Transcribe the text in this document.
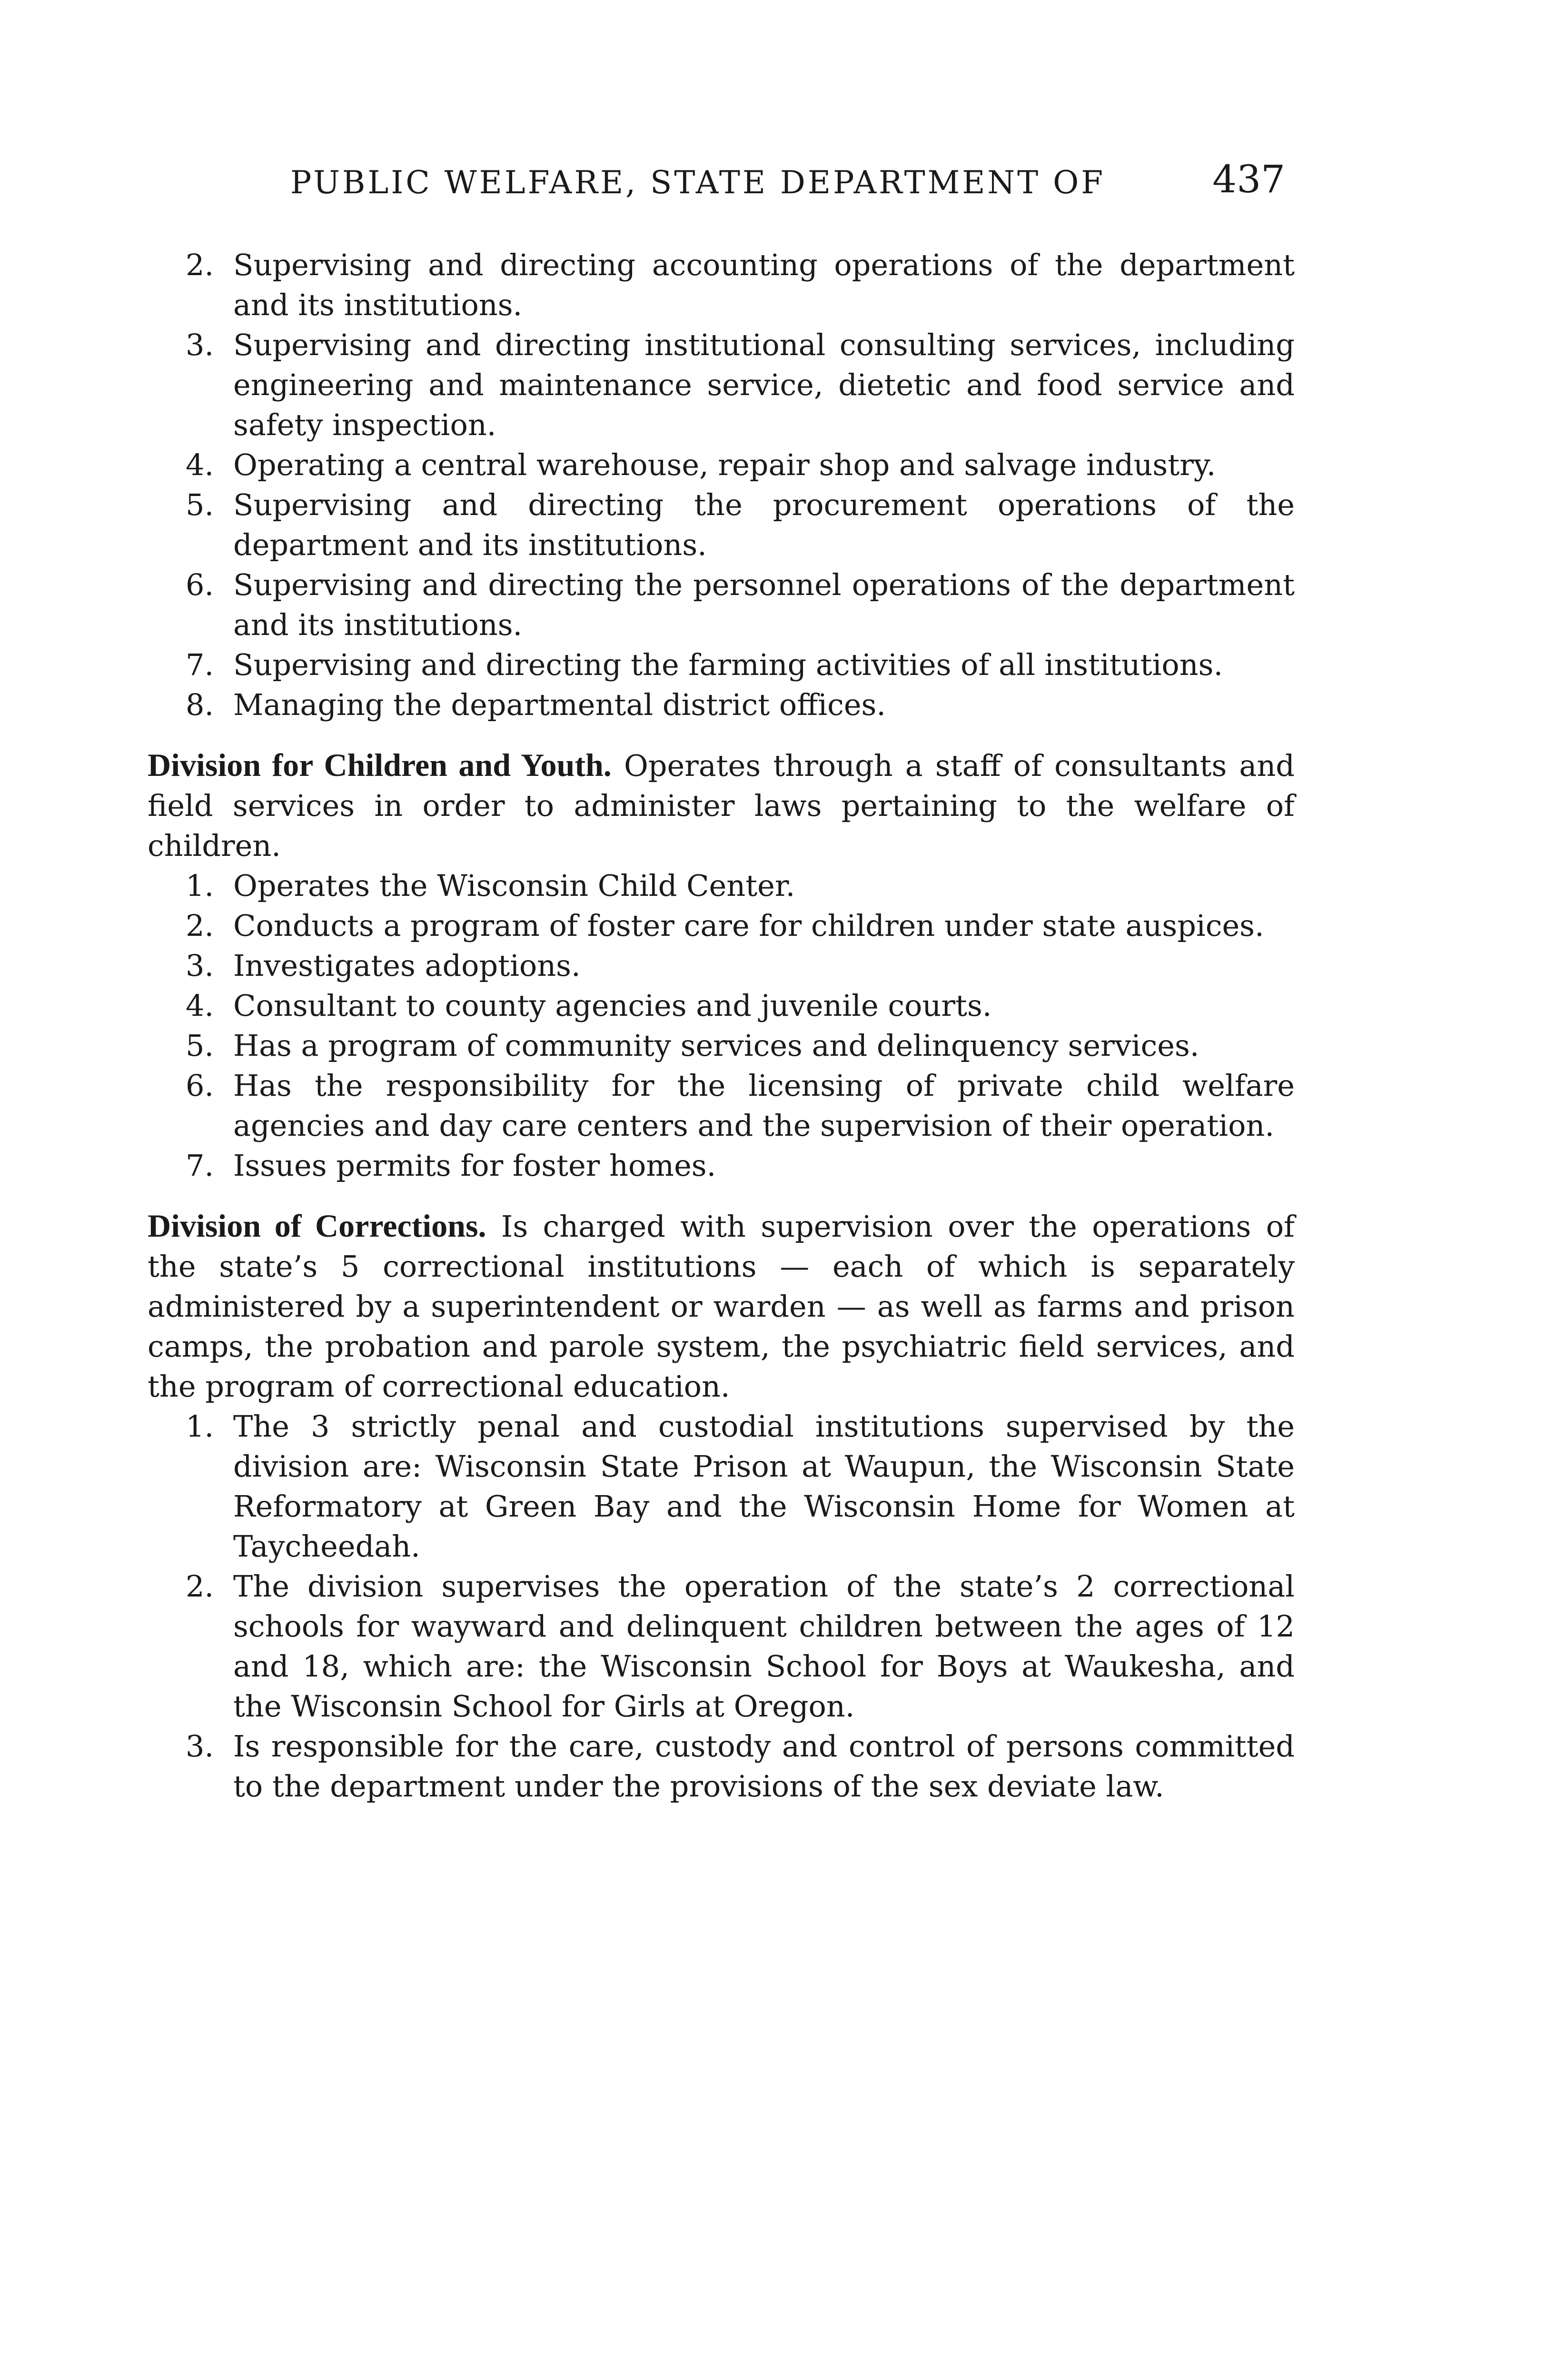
PUBLIC WELFARE, STATE DEPARTMENT OF	437
2. Supervising and directing accounting operations of the department and its institutions.
3. Supervising and directing institutional consulting services, including engineering and maintenance service, dietetic and food service and safety inspection.
4. Operating a central warehouse, repair shop and salvage industry.
5. Supervising and directing the procurement operations of the department and its institutions.
6. Supervising and directing the personnel operations of the department and its institutions.
7. Supervising and directing the farming activities of all institutions.
8. Managing the departmental district offices.

Division for Children and Youth. Operates through a staff of consultants and field services in order to administer laws pertaining to the welfare of children.

1. Operates the Wisconsin Child Center.
2. Conducts a program of foster care for children under state auspices.
3. Investigates adoptions.
4. Consultant to county agencies and juvenile courts.
5. Has a program of community services and delinquency services.
6. Has the responsibility for the licensing of private child welfare agencies and day care centers and the supervision of their operation.
7. Issues permits for foster homes.

Division of Corrections. Is charged with supervision over the operations of the state’s 5 correctional institutions — each of which is separately administered by a superintendent or warden — as well as farms and prison camps, the probation and parole system, the psychiatric field services, and the program of correctional education.

1. The 3 strictly penal and custodial institutions supervised by the division are: Wisconsin State Prison at Waupun, the Wisconsin State Reformatory at Green Bay and the Wisconsin Home for Women at Taycheedah.
2. The division supervises the operation of the state’s 2 correctional schools for wayward and delinquent children between the ages of 12 and 18, which are: the Wisconsin School for Boys at Waukesha, and the Wisconsin School for Girls at Oregon.
3. Is responsible for the care, custody and control of persons committed to the department under the provisions of the sex deviate law.
